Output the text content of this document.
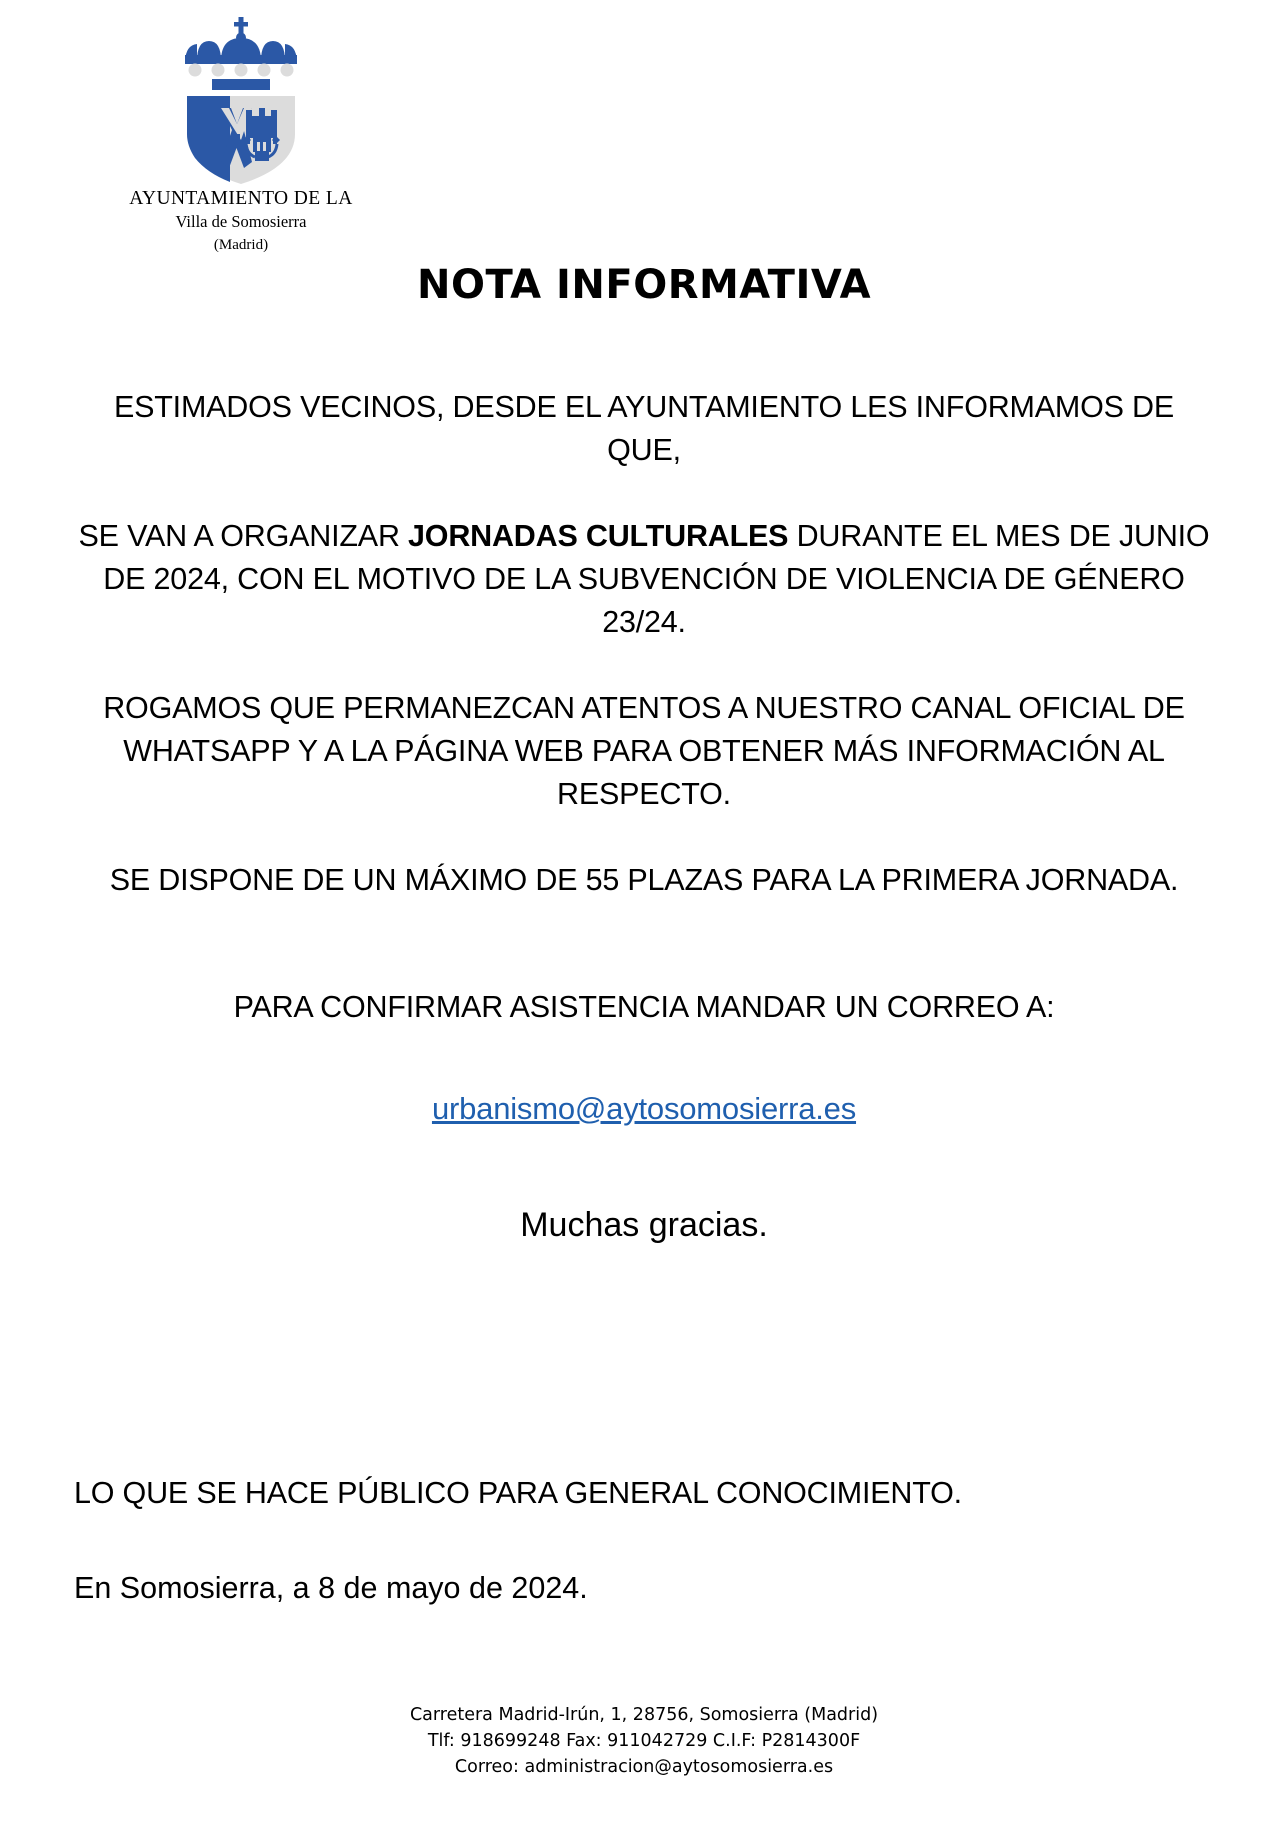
AYUNTAMIENTO DE LA
Villa de Somosierra
(Madrid)
NOTA INFORMATIVA

ESTIMADOS VECINOS, DESDE EL AYUNTAMIENTO LES INFORMAMOS DE QUE,

SE VAN A ORGANIZAR JORNADAS CULTURALES DURANTE EL MES DE JUNIO DE 2024, CON EL MOTIVO DE LA SUBVENCIÓN DE VIOLENCIA DE GÉNERO 23/24.

ROGAMOS QUE PERMANEZCAN ATENTOS A NUESTRO CANAL OFICIAL DE WHATSAPP Y A LA PÁGINA WEB PARA OBTENER MÁS INFORMACIÓN AL RESPECTO.

SE DISPONE DE UN MÁXIMO DE 55 PLAZAS PARA LA PRIMERA JORNADA.

PARA CONFIRMAR ASISTENCIA MANDAR UN CORREO A:

urbanismo@aytosomosierra.es

Muchas gracias.

LO QUE SE HACE PÚBLICO PARA GENERAL CONOCIMIENTO.
En Somosierra, a 8 de mayo de 2024.
Carretera Madrid-Irún, 1, 28756, Somosierra (Madrid)
Tlf: 918699248 Fax: 911042729 C.I.F: P2814300F
Correo: administracion@aytosomosierra.es
